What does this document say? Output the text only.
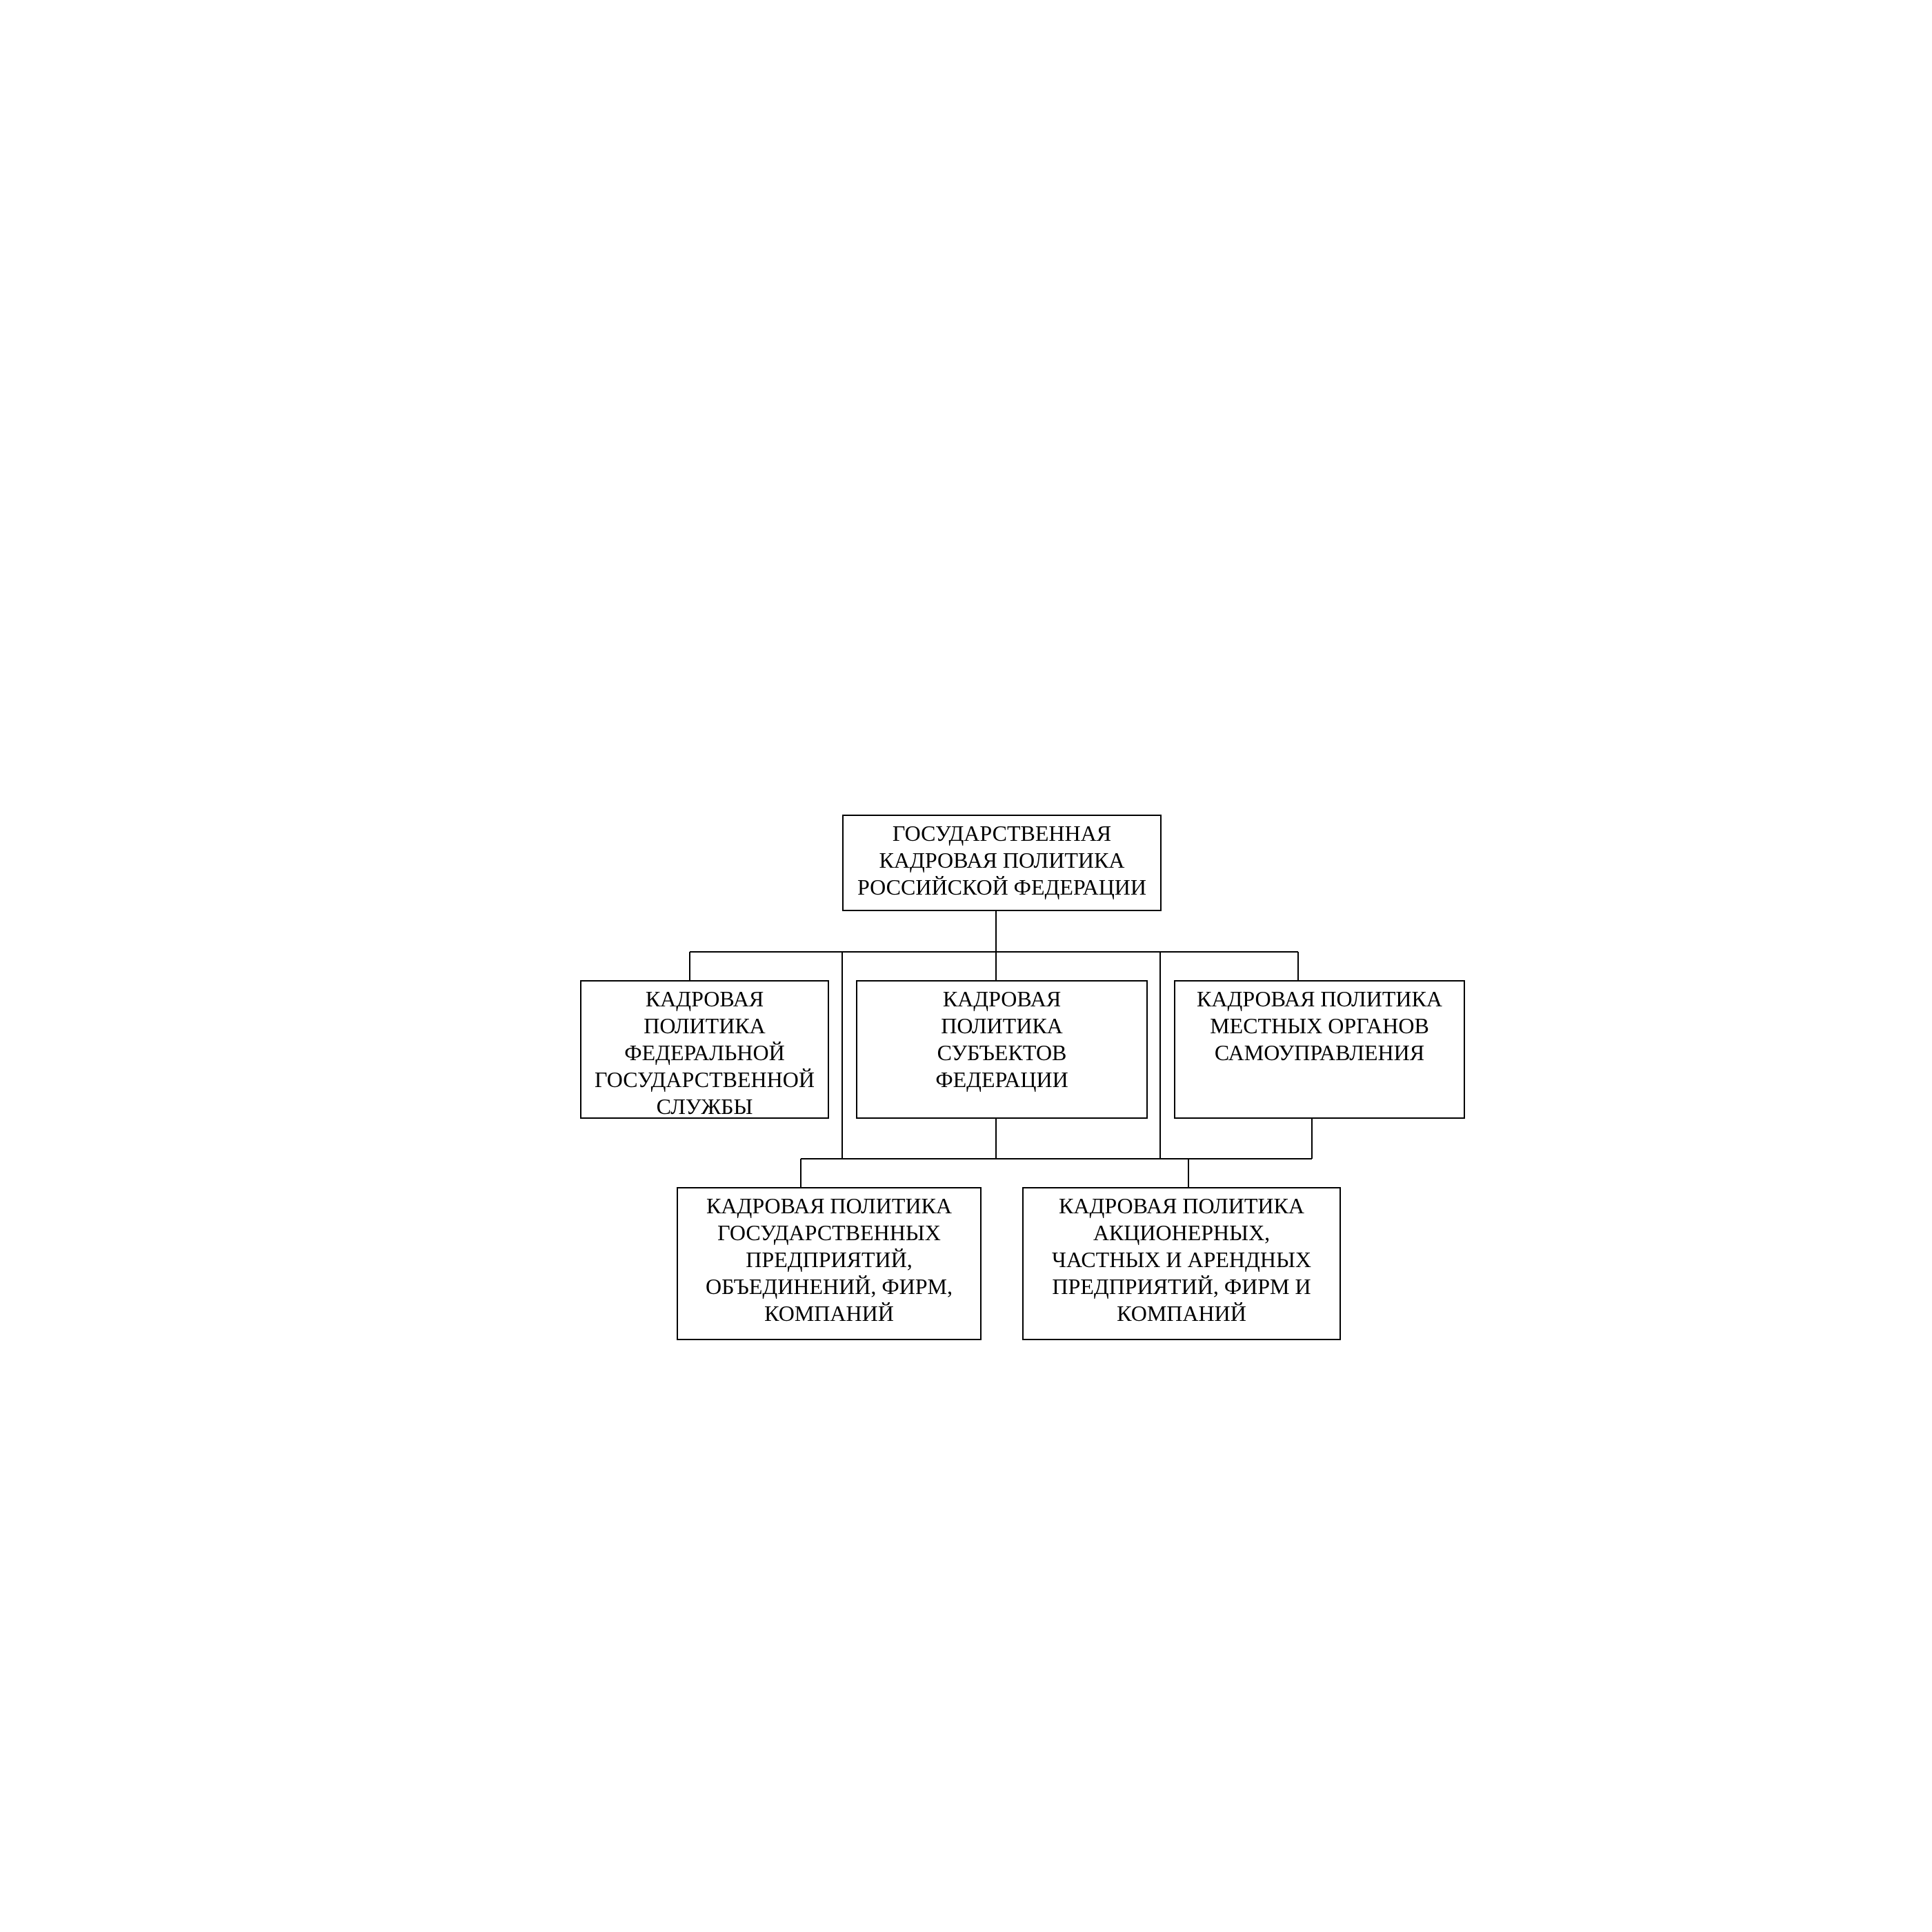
ГОСУДАРСТВЕННАЯ
КАДРОВАЯ ПОЛИТИКА
РОССИЙСКОЙ ФЕДЕРАЦИИ
КАДРОВАЯ
ПОЛИТИКА
ФЕДЕРАЛЬНОЙ
ГОСУДАРСТВЕННОЙ
СЛУЖБЫ
КАДРОВАЯ
ПОЛИТИКА
СУБЪЕКТОВ
ФЕДЕРАЦИИ
КАДРОВАЯ ПОЛИТИКА
МЕСТНЫХ ОРГАНОВ
САМОУПРАВЛЕНИЯ
КАДРОВАЯ ПОЛИТИКА
ГОСУДАРСТВЕННЫХ
ПРЕДПРИЯТИЙ,
ОБЪЕДИНЕНИЙ, ФИРМ,
КОМПАНИЙ
КАДРОВАЯ ПОЛИТИКА
АКЦИОНЕРНЫХ,
ЧАСТНЫХ И АРЕНДНЫХ
ПРЕДПРИЯТИЙ, ФИРМ И
КОМПАНИЙ
